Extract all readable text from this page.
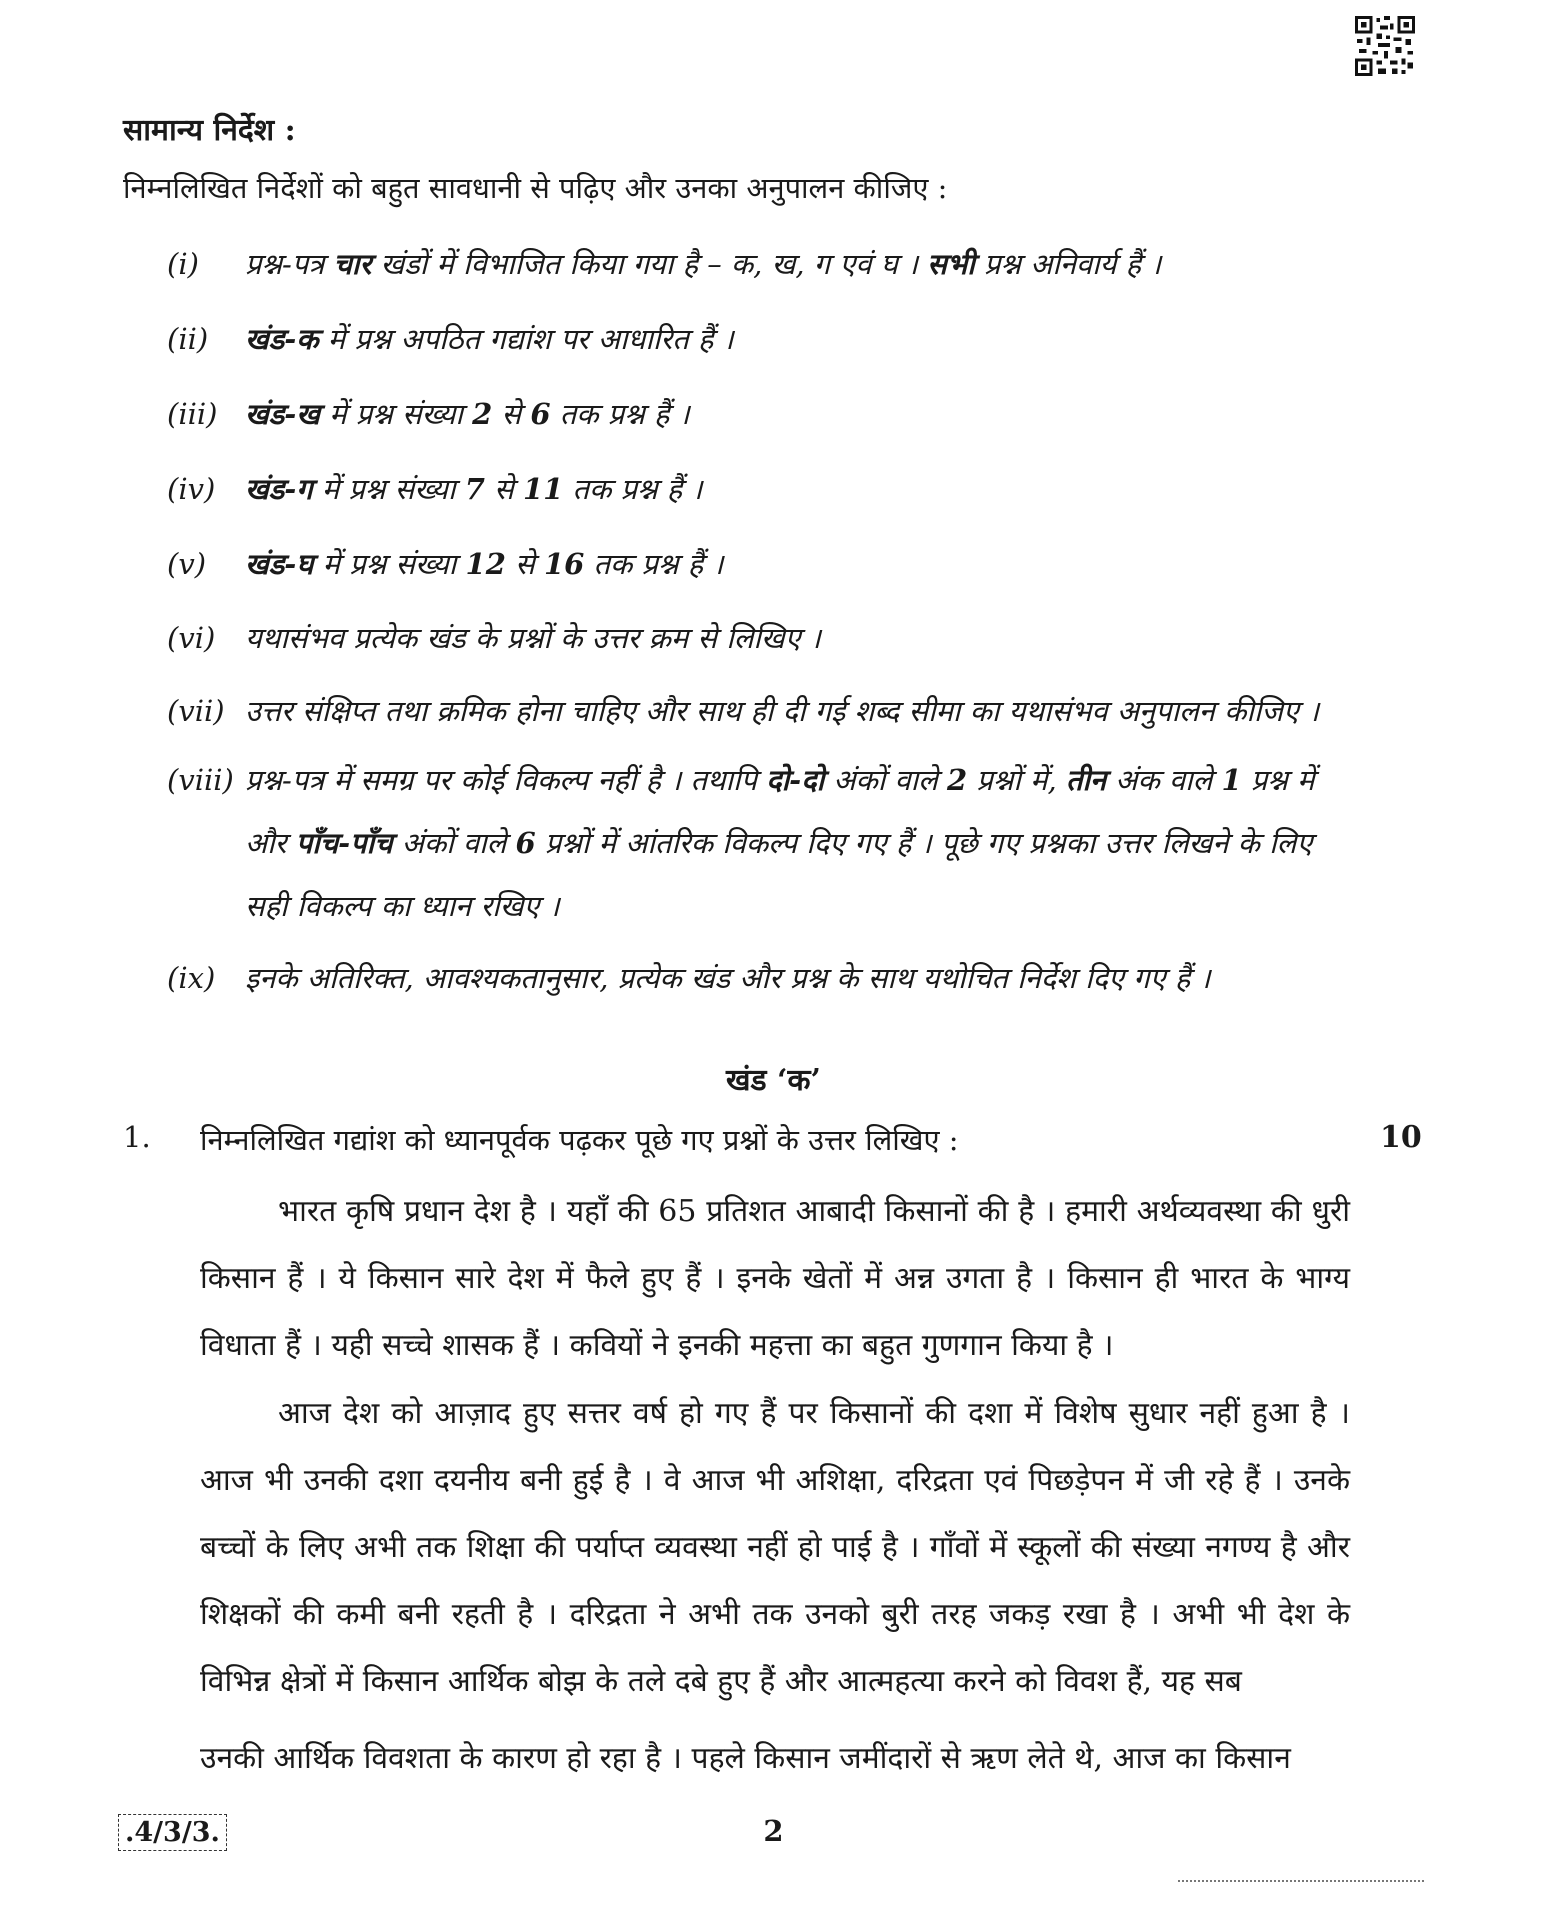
सामान्य निर्देश :
निम्नलिखित निर्देशों को बहुत सावधानी से पढ़िए और उनका अनुपालन कीजिए :
(i) प्रश्न-पत्र चार खंडों में विभाजित किया गया है – क, ख, ग एवं घ । सभी प्रश्न अनिवार्य हैं ।
(ii) खंड-क में प्रश्न अपठित गद्यांश पर आधारित हैं ।
(iii) खंड-ख में प्रश्न संख्या 2 से 6 तक प्रश्न हैं ।
(iv) खंड-ग में प्रश्न संख्या 7 से 11 तक प्रश्न हैं ।
(v) खंड-घ में प्रश्न संख्या 12 से 16 तक प्रश्न हैं ।
(vi) यथासंभव प्रत्येक खंड के प्रश्नों के उत्तर क्रम से लिखिए ।
(vii) उत्तर संक्षिप्त तथा क्रमिक होना चाहिए और साथ ही दी गई शब्द सीमा का यथासंभव अनुपालन कीजिए ।
(viii) प्रश्न-पत्र में समग्र पर कोई विकल्प नहीं है । तथापि दो-दो अंकों वाले 2 प्रश्नों में, तीन अंक वाले 1 प्रश्न में
और पाँच-पाँच अंकों वाले 6 प्रश्नों में आंतरिक विकल्प दिए गए हैं । पूछे गए प्रश्नका उत्तर लिखने के लिए
सही विकल्प का ध्यान रखिए ।
(ix) इनके अतिरिक्त, आवश्यकतानुसार, प्रत्येक खंड और प्रश्न के साथ यथोचित निर्देश दिए गए हैं ।
खंड ‘क’
1. निम्नलिखित गद्यांश को ध्यानपूर्वक पढ़कर पूछे गए प्रश्नों के उत्तर लिखिए :	10
भारत कृषि प्रधान देश है । यहाँ की 65 प्रतिशत आबादी किसानों की है । हमारी अर्थव्यवस्था की धुरी किसान हैं । ये किसान सारे देश में फैले हुए हैं । इनके खेतों में अन्न उगता है । किसान ही भारत के भाग्य विधाता हैं । यही सच्चे शासक हैं । कवियों ने इनकी महत्ता का बहुत गुणगान किया है ।
आज देश को आज़ाद हुए सत्तर वर्ष हो गए हैं पर किसानों की दशा में विशेष सुधार नहीं हुआ है । आज भी उनकी दशा दयनीय बनी हुई है । वे आज भी अशिक्षा, दरिद्रता एवं पिछड़ेपन में जी रहे हैं । उनके बच्चों के लिए अभी तक शिक्षा की पर्याप्त व्यवस्था नहीं हो पाई है । गाँवों में स्कूलों की संख्या नगण्य है और शिक्षकों की कमी बनी रहती है । दरिद्रता ने अभी तक उनको बुरी तरह जकड़ रखा है । अभी भी देश के विभिन्न क्षेत्रों में किसान आर्थिक बोझ के तले दबे हुए हैं और आत्महत्या करने को विवश हैं, यह सब
उनकी आर्थिक विवशता के कारण हो रहा है । पहले किसान जमींदारों से ऋण लेते थे, आज का किसान
.4/3/3.	2
